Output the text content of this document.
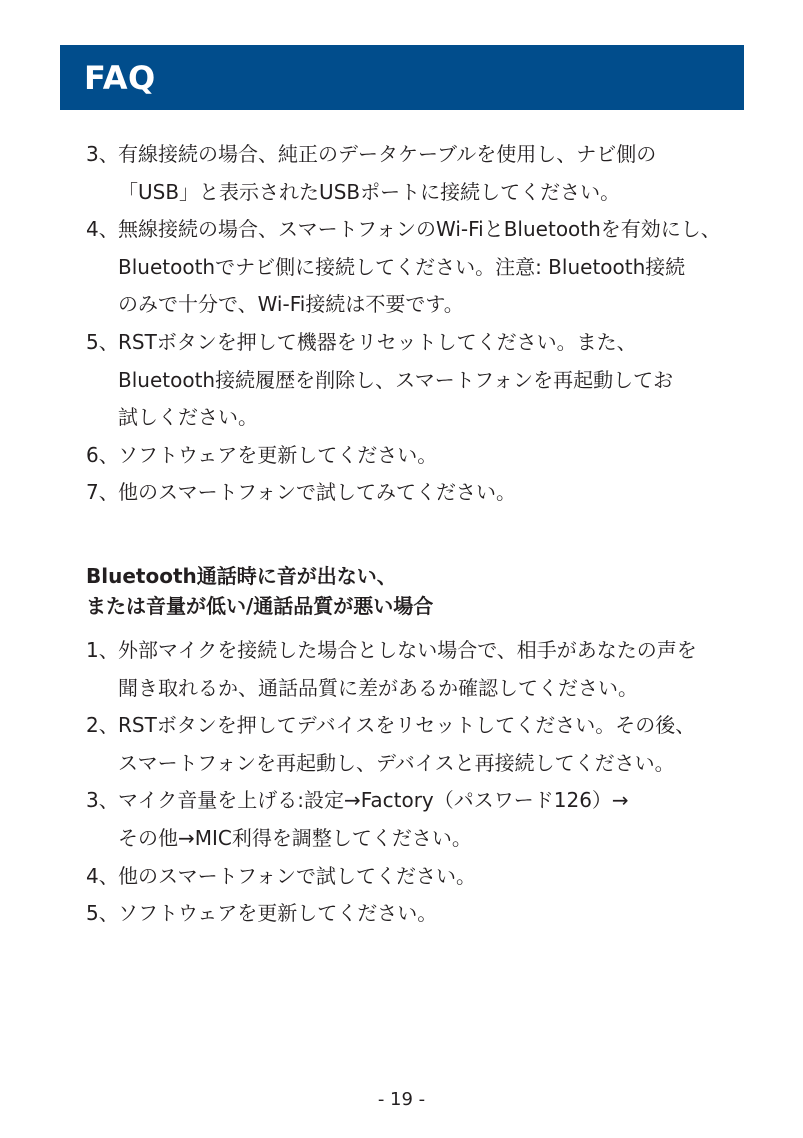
FAQ
3、 有線接続の場合、純正のデータケーブルを使用し、ナビ側の
「USB」と表示されたUSBポートに接続してください。
4、 無線接続の場合、スマートフォンのWi-FiとBluetoothを有効にし、
Bluetoothでナビ側に接続してください。注意: Bluetooth接続
のみで十分で、Wi-Fi接続は不要です。
5、 RSTボタンを押して機器をリセットしてください。また、
Bluetooth接続履歴を削除し、スマートフォンを再起動してお
試しください。
6、 ソフトウェアを更新してください。
7、 他のスマートフォンで試してみてください。
Bluetooth通話時に音が出ない、
または音量が低い/通話品質が悪い場合
1、 外部マイクを接続した場合としない場合で、相手があなたの声を
聞き取れるか、通話品質に差があるか確認してください。
2、 RSTボタンを押してデバイスをリセットしてください。その後、
スマートフォンを再起動し、デバイスと再接続してください。
3、 マイク音量を上げる:設定→Factory（パスワード126）→
その他→MIC利得を調整してください。
4、 他のスマートフォンで試してください。
5、 ソフトウェアを更新してください。
- 19 -
